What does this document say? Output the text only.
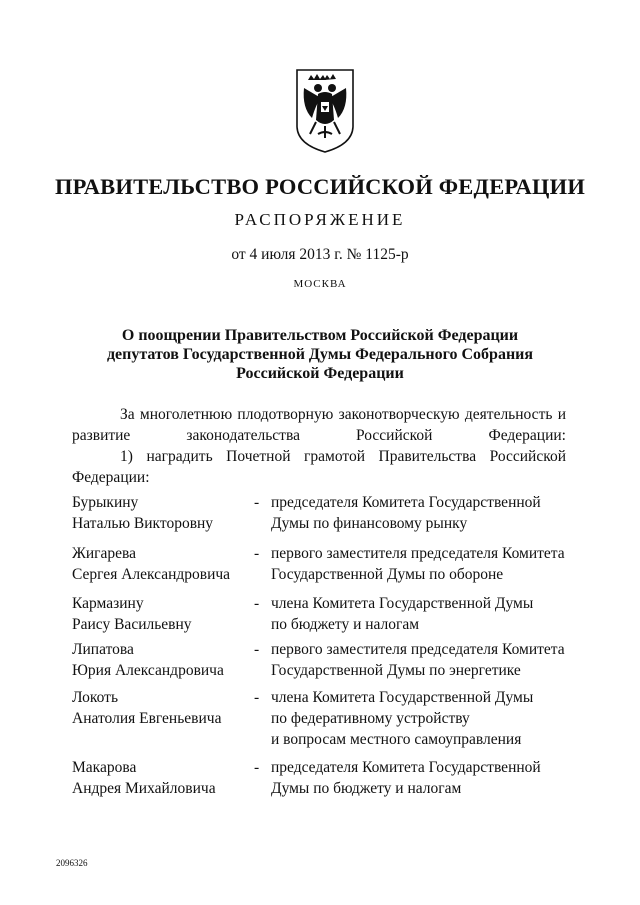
ПРАВИТЕЛЬСТВО РОССИЙСКОЙ ФЕДЕРАЦИИ
РАСПОРЯЖЕНИЕ
от 4 июля 2013 г. № 1125-р
МОСКВА
О поощрении Правительством Российской Федерации
депутатов Государственной Думы Федерального Собрания
Российской Федерации
За многолетнюю плодотворную законотворческую деятельность и развитие законодательства Российской Федерации:
1) наградить Почетной грамотой Правительства Российской Федерации:
Бурыкину
Наталью Викторовну
- председателя Комитета Государственной
Думы по финансовому рынку
Жигарева
Сергея Александровича
- первого заместителя председателя Комитета
Государственной Думы по обороне
Кармазину
Раису Васильевну
- члена Комитета Государственной Думы
по бюджету и налогам
Липатова
Юрия Александровича
- первого заместителя председателя Комитета
Государственной Думы по энергетике
Локоть
Анатолия Евгеньевича
- члена Комитета Государственной Думы
по федеративному устройству
и вопросам местного самоуправления
Макарова
Андрея Михайловича
- председателя Комитета Государственной
Думы по бюджету и налогам
2096326
